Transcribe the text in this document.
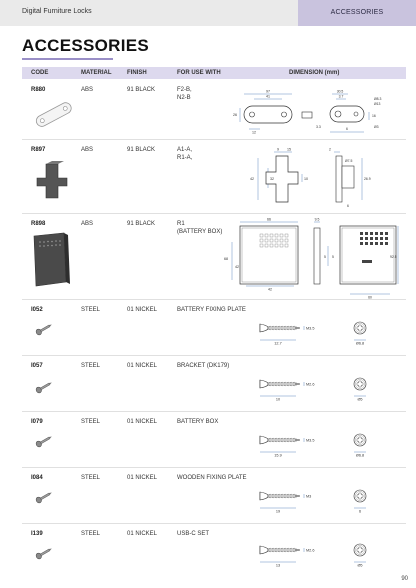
Digital Furniture Locks	ACCESSORIES
ACCESSORIES
CODE	MATERIAL	FINISH	FOR USE WITH	DIMENSION (mm)
R880	ABS	91 BLACK	F2-B,
N2-B
97
41
26
12
30.5
3.7
Ø8.3
Ø13
3.3	6	Ø3
16
R897	ABS	91 BLACK	A1-A,
R1-A,
9 15
42	32	10
2
Ø7.5
26.9
6
R898	ABS	91 BLACK	R1
(BATTERY BOX)
66	9.5
5
68
42
42
5	92.5
60
I052	STEEL	01 NICKEL	BATTERY FIXING PLATE
M3.5
12.7	Ø6.8
I057	STEEL	01 NICKEL	BRACKET (DK179)
M2.6
10	Ø5
I079	STEEL	01 NICKEL	BATTERY BOX
M3.5
15.9	Ø6.8
I084	STEEL	01 NICKEL	WOODEN FIXING PLATE
M3
19	6
I139	STEEL	01 NICKEL	USB-C SET
M2.6
13	Ø5
90
